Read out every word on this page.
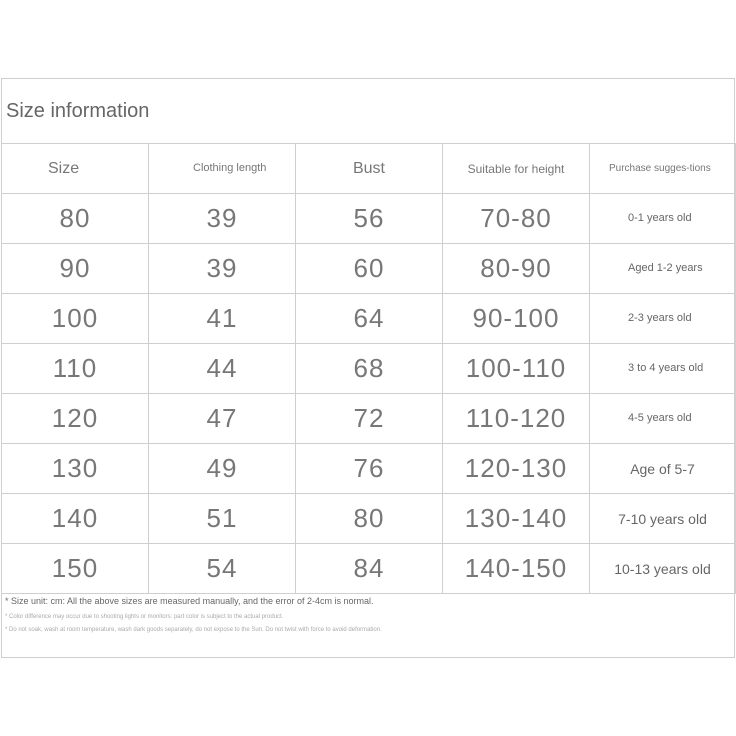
Size information
Size	Clothing length	Bust	Suitable for height	Purchase sugges-tions
80	39	56	70-80	0-1 years old
90	39	60	80-90	Aged 1-2 years
100	41	64	90-100	2-3 years old
110	44	68	100-110	3 to 4 years old
120	47	72	110-120	4-5 years old
130	49	76	120-130	Age of 5-7
140	51	80	130-140	7-10 years old
150	54	84	140-150	10-13 years old
* Size unit: cm: All the above sizes are measured manually, and the error of 2-4cm is normal.
* Color difference may occur due to shooting lights or monitors: part color is subject to the actual product.
* Do not soak, wash at room temperature, wash dark goods separately, do not expose to the Sun. Do not twist with force to avoid deformation.
